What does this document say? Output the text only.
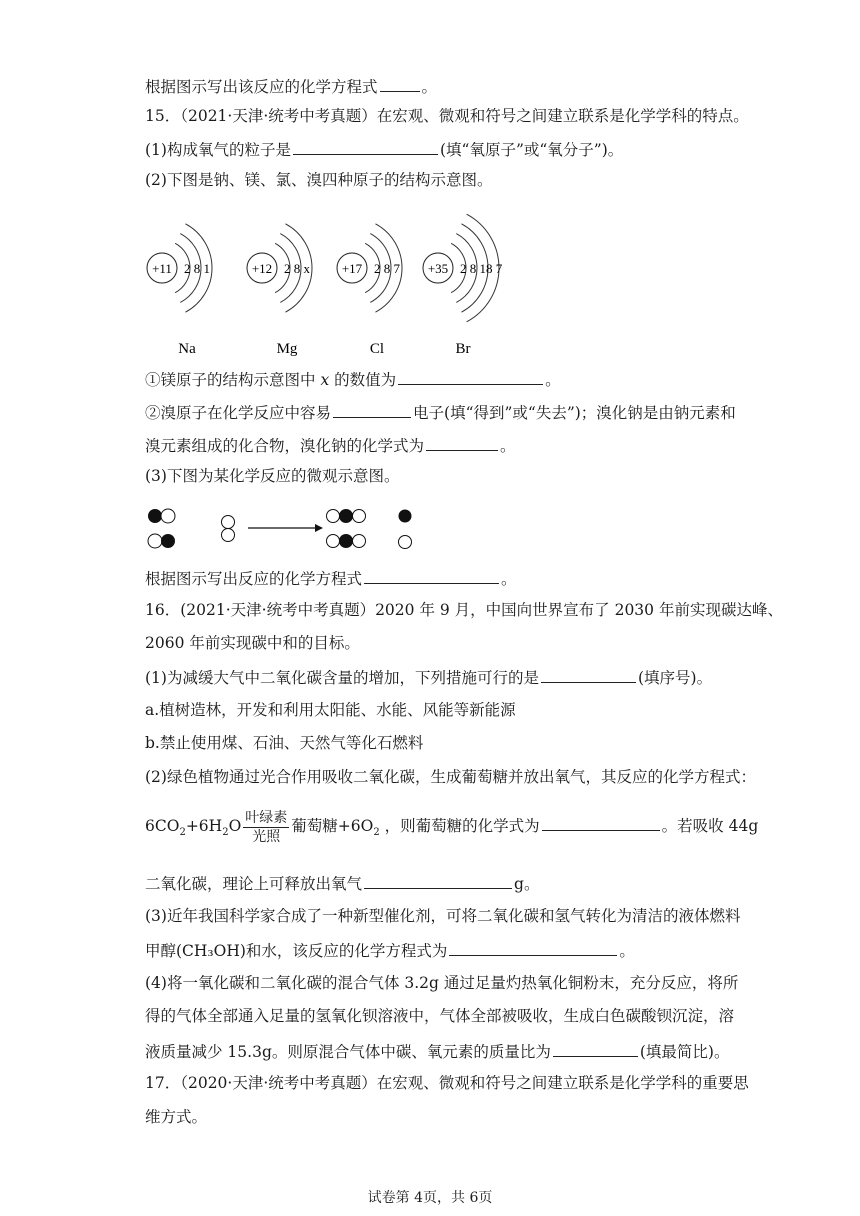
根据图示写出该反应的化学方程式	。
15．（2021·天津·统考中考真题）在宏观、微观和符号之间建立联系是化学学科的特点。
(1)构成氧气的粒子是	(填“氧原子”或“氧分子”)。
(2)下图是钠、镁、氯、溴四种原子的结构示意图。
+11 2 8 1
Na
+12 2 8 x
Mg
+17 2 8 7
Cl
+35 2 8 18 7
Br
①镁原子的结构示意图中 x 的数值为	。
②溴原子在化学反应中容易	电子(填“得到”或“失去”)；溴化钠是由钠元素和
溴元素组成的化合物，溴化钠的化学式为	。
(3)下图为某化学反应的微观示意图。
根据图示写出反应的化学方程式	。
16．(2021·天津·统考中考真题）2020 年 9 月，中国向世界宣布了 2030 年前实现碳达峰、
2060 年前实现碳中和的目标。
(1)为减缓大气中二氧化碳含量的增加，下列措施可行的是	(填序号)。
a.植树造林，开发和利用太阳能、水能、风能等新能源
b.禁止使用煤、石油、天然气等化石燃料
(2)绿色植物通过光合作用吸收二氧化碳，生成葡萄糖并放出氧气，其反应的化学方程式：
$6CO_2+6H_2O \frac{\text{叶绿素}}{\text{光照}}$ 葡萄糖$+6O_2$ ，则葡萄糖的化学式为	。若吸收 44g
二氧化碳，理论上可释放出氧气	g。
(3)近年我国科学家合成了一种新型催化剂，可将二氧化碳和氢气转化为清洁的液体燃料
甲醇(CH₃OH)和水，该反应的化学方程式为	。
(4)将一氧化碳和二氧化碳的混合气体 3.2g 通过足量灼热氧化铜粉末，充分反应，将所
得的气体全部通入足量的氢氧化钡溶液中，气体全部被吸收，生成白色碳酸钡沉淀，溶
液质量减少 15.3g。则原混合气体中碳、氧元素的质量比为	(填最简比)。
17．（2020·天津·统考中考真题）在宏观、微观和符号之间建立联系是化学学科的重要思
维方式。
试卷第 4页，共 6页
